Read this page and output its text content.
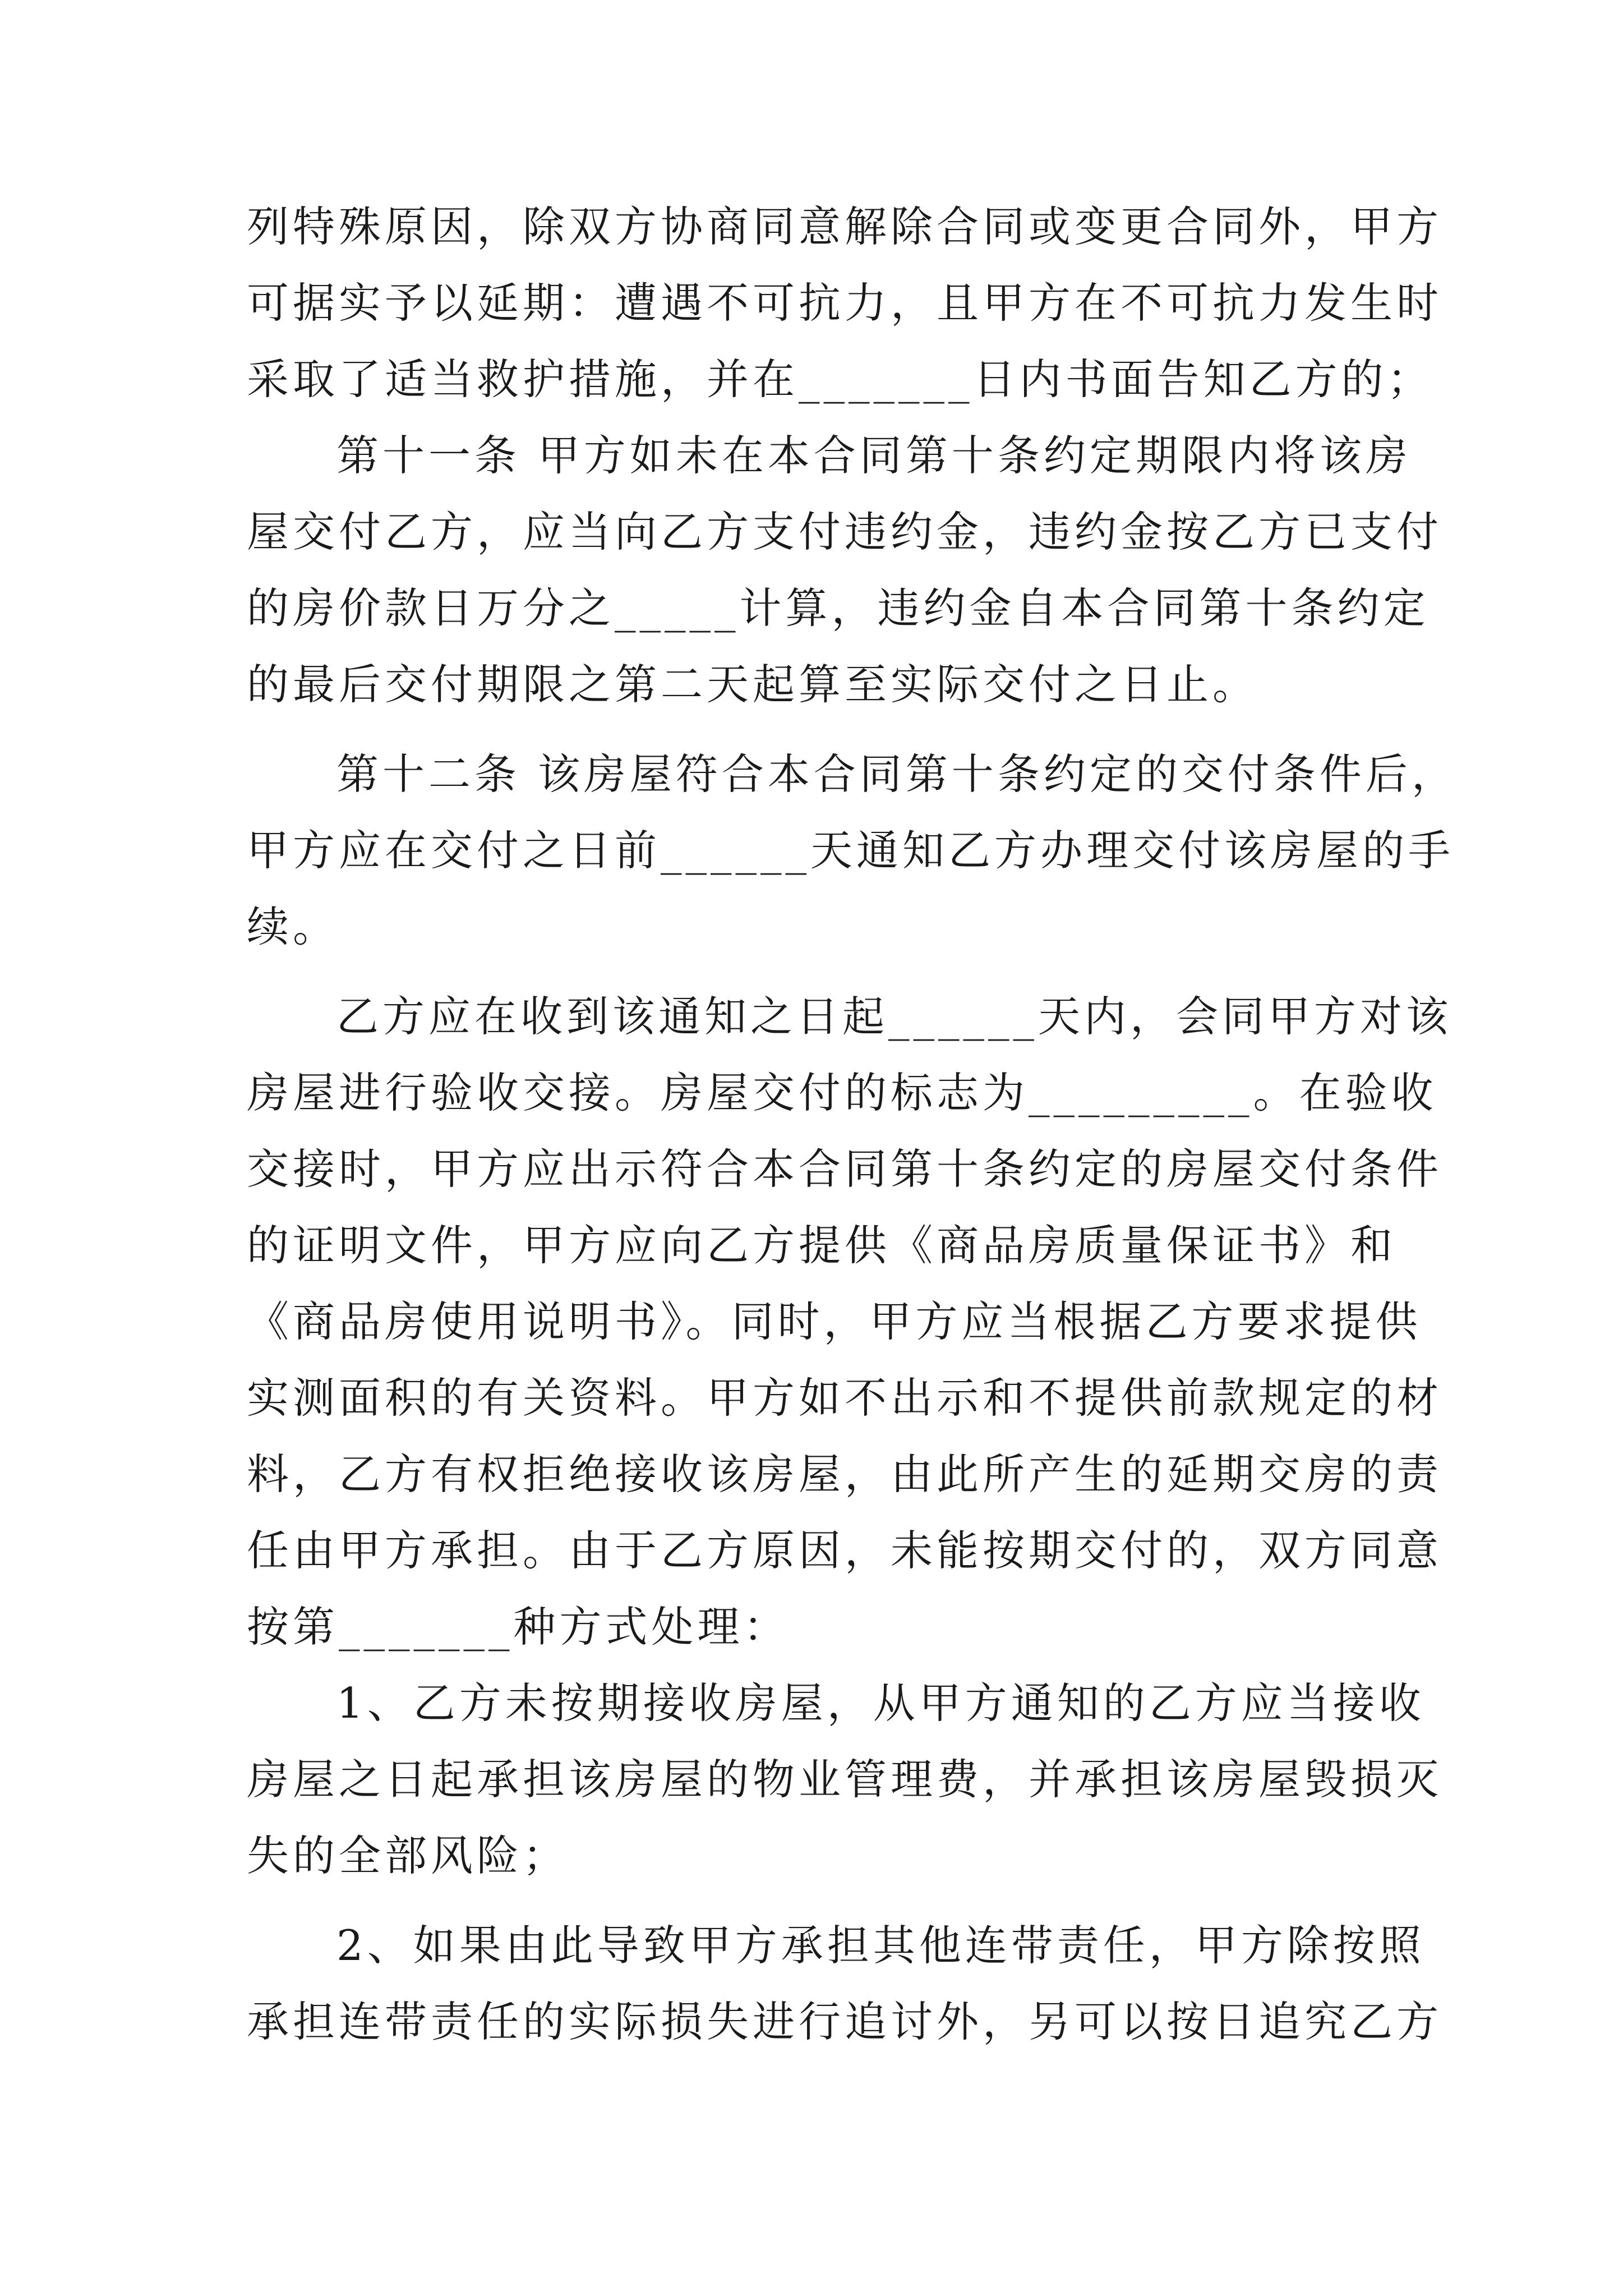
列特殊原因，除双方协商同意解除合同或变更合同外，甲方
可据实予以延期：遭遇不可抗力，且甲方在不可抗力发生时
采取了适当救护措施，并在_______日内书面告知乙方的；
第十一条 甲方如未在本合同第十条约定期限内将该房
屋交付乙方，应当向乙方支付违约金，违约金按乙方已支付
的房价款日万分之_____计算，违约金自本合同第十条约定
的最后交付期限之第二天起算至实际交付之日止。
第十二条 该房屋符合本合同第十条约定的交付条件后，
甲方应在交付之日前______天通知乙方办理交付该房屋的手
续。
乙方应在收到该通知之日起______天内，会同甲方对该
房屋进行验收交接。房屋交付的标志为_________。在验收
交接时，甲方应出示符合本合同第十条约定的房屋交付条件
的证明文件，甲方应向乙方提供《商品房质量保证书》和
《商品房使用说明书》。同时，甲方应当根据乙方要求提供
实测面积的有关资料。甲方如不出示和不提供前款规定的材
料，乙方有权拒绝接收该房屋，由此所产生的延期交房的责
任由甲方承担。由于乙方原因，未能按期交付的，双方同意
按第_______种方式处理：
1、乙方未按期接收房屋，从甲方通知的乙方应当接收
房屋之日起承担该房屋的物业管理费，并承担该房屋毁损灭
失的全部风险；
2、如果由此导致甲方承担其他连带责任，甲方除按照
承担连带责任的实际损失进行追讨外，另可以按日追究乙方
